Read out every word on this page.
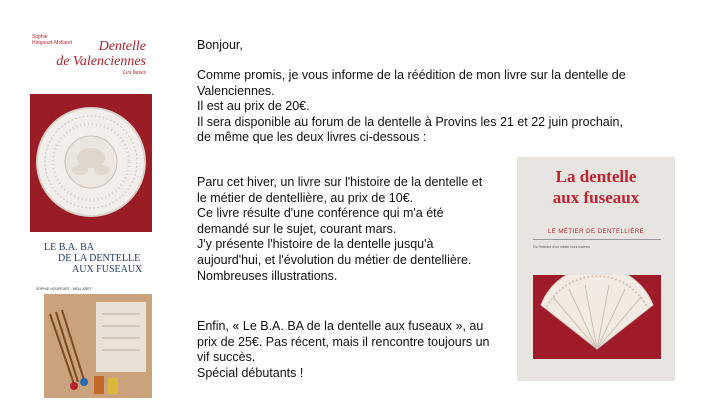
Sophie
Houpeurt-Mollaret Dentelle
de Valenciennes
Les bases
LE B.A. BA
DE LA DENTELLE
AUX FUSEAUX
SOPHIE HOUPEURT - MOLLARET
La dentelle
aux fuseaux
LE MÉTIER DE DENTELLIÈRE
Ou l'histoire d'un métier hors normes
Bonjour,
Comme promis, je vous informe de la réédition de mon livre sur la dentelle de
Valenciennes.
Il est au prix de 20€.
Il sera disponible au forum de la dentelle à Provins les 21 et 22 juin prochain,
de même que les deux livres ci-dessous :
Paru cet hiver, un livre sur l'histoire de la dentelle et
le métier de dentellière, au prix de 10€.
Ce livre résulte d'une conférence qui m'a été
demandé sur le sujet, courant mars.
J'y présente l'histoire de la dentelle jusqu'à
aujourd'hui, et l'évolution du métier de dentellière.
Nombreuses illustrations.
Enfin, « Le B.A. BA de la dentelle aux fuseaux », au
prix de 25€. Pas récent, mais il rencontre toujours un
vif succès.
Spécial débutants !
